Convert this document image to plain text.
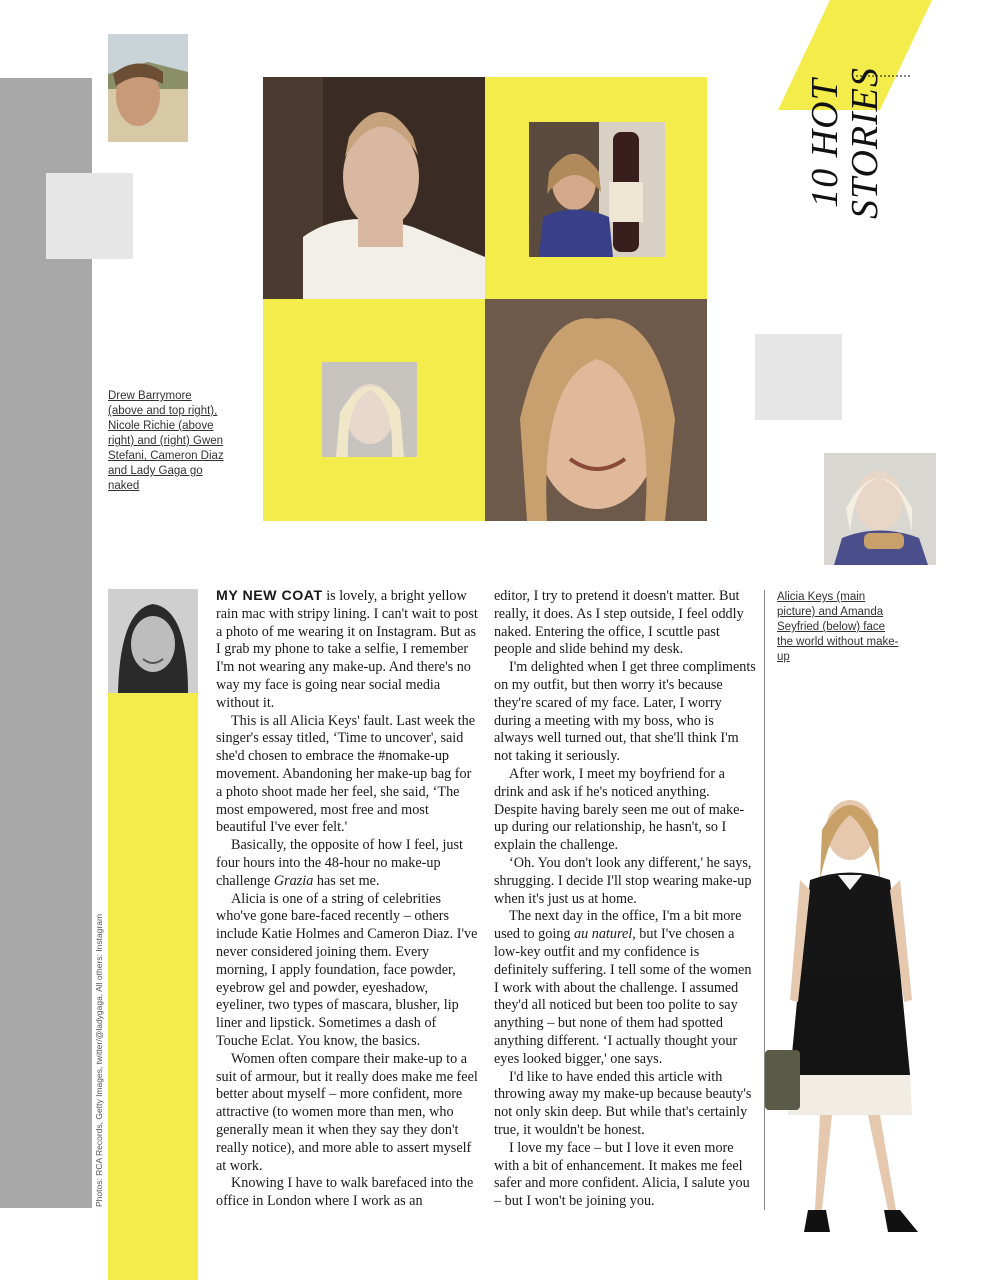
10 HOT
STORIES
Drew Barrymore (above and top right), Nicole Richie (above right) and (right) Gwen Stefani, Cameron Diaz and Lady Gaga go naked
Alicia Keys (main picture) and Amanda Seyfried (below) face the world without make-up
Photos: RCA Records, Getty Images, twitter/@ladygaga. All others: Instagram

MY NEW COAT is lovely, a bright yellow rain mac with stripy lining. I can't wait to post a photo of me wearing it on Instagram. But as I grab my phone to take a selfie, I remember I'm not wearing any make-up. And there's no way my face is going near social media without it.

This is all Alicia Keys' fault. Last week the singer's essay titled, ‘Time to uncover', said she'd chosen to embrace the #nomake-up movement. Abandoning her make-up bag for a photo shoot made her feel, she said, ‘The most empowered, most free and most beautiful I've ever felt.'

Basically, the opposite of how I feel, just four hours into the 48-hour no make-up challenge Grazia has set me.

Alicia is one of a string of celebrities who've gone bare-faced recently – others include Katie Holmes and Cameron Diaz. I've never considered joining them. Every morning, I apply foundation, face powder, eyebrow gel and powder, eyeshadow, eyeliner, two types of mascara, blusher, lip liner and lipstick. Sometimes a dash of Touche Eclat. You know, the basics.

Women often compare their make-up to a suit of armour, but it really does make me feel better about myself – more confident, more attractive (to women more than men, who generally mean it when they say they don't really notice), and more able to assert myself at work.

Knowing I have to walk barefaced into the office in London where I work as an

editor, I try to pretend it doesn't matter. But really, it does. As I step outside, I feel oddly naked. Entering the office, I scuttle past people and slide behind my desk.

I'm delighted when I get three compliments on my outfit, but then worry it's because they're scared of my face. Later, I worry during a meeting with my boss, who is always well turned out, that she'll think I'm not taking it seriously.

After work, I meet my boyfriend for a drink and ask if he's noticed anything. Despite having barely seen me out of make-up during our relationship, he hasn't, so I explain the challenge.

‘Oh. You don't look any different,' he says, shrugging. I decide I'll stop wearing make-up when it's just us at home.

The next day in the office, I'm a bit more used to going au naturel, but I've chosen a low-key outfit and my confidence is definitely suffering. I tell some of the women I work with about the challenge. I assumed they'd all noticed but been too polite to say anything – but none of them had spotted anything different. ‘I actually thought your eyes looked bigger,' one says.

I'd like to have ended this article with throwing away my make-up because beauty's not only skin deep. But while that's certainly true, it wouldn't be honest.

I love my face – but I love it even more with a bit of enhancement. It makes me feel safer and more confident. Alicia, I salute you – but I won't be joining you.
